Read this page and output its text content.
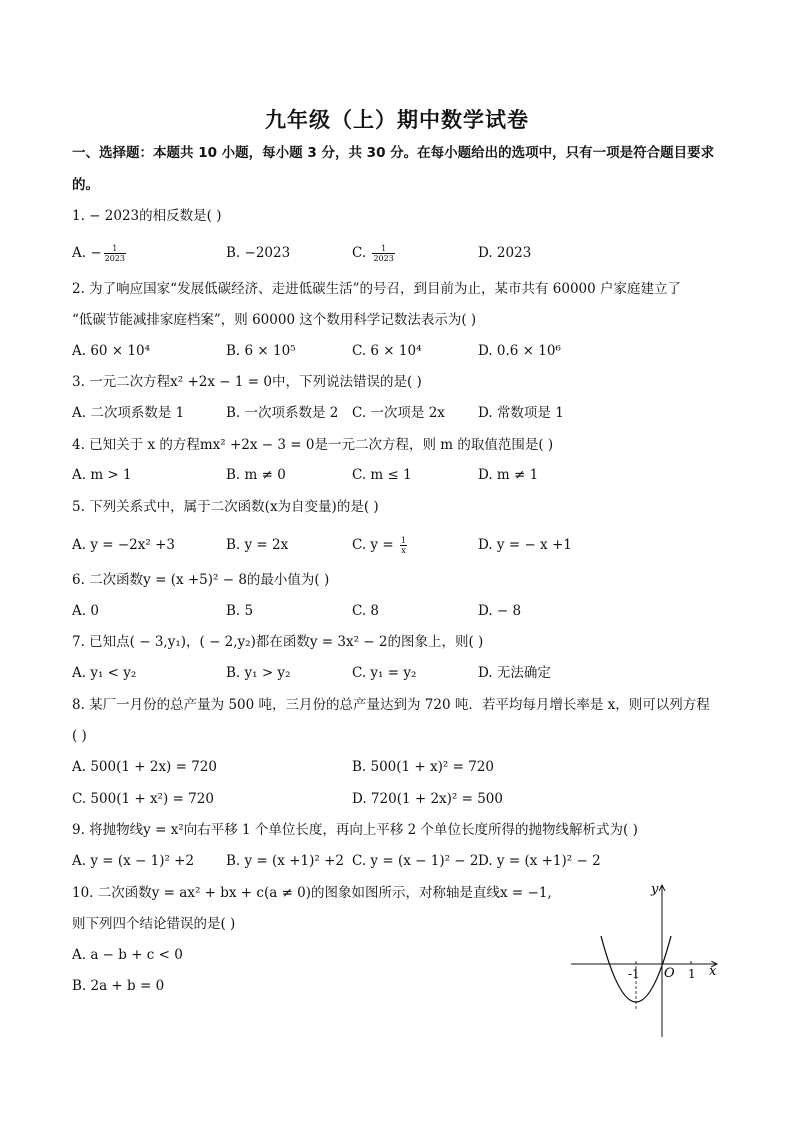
九年级（上）期中数学试卷
一、选择题：本题共 10 小题，每小题 3 分，共 30 分。在每小题给出的选项中，只有一项是符合题目要求
的。
1. − 2023的相反数是( )
A. − $\frac{1}{2023}$	B. −2023	C. $\frac{1}{2023}$	D. 2023
2. 为了响应国家“发展低碳经济、走进低碳生活”的号召，到目前为止，某市共有 60000 户家庭建立了
“低碳节能减排家庭档案”，则 60000 这个数用科学记数法表示为( )
A. 60 × 10⁴	B. 6 × 10⁵	C. 6 × 10⁴	D. 0.6 × 10⁶
3. 一元二次方程x² +2x − 1 = 0中，下列说法错误的是( )
A. 二次项系数是 1	B. 一次项系数是 2 C. 一次项是 2x D. 常数项是 1
4. 已知关于 x 的方程mx² +2x − 3 = 0是一元二次方程，则 m 的取值范围是( )
A. m > 1	B. m ≠ 0	C. m ≤ 1	D. m ≠ 1
5. 下列关系式中，属于二次函数(x为自变量)的是( )
A. y = −2x² +3	B. y = 2x	C. $y = \frac{1}{x}$	D. y = − x +1
6. 二次函数y = (x +5)² − 8的最小值为( )
A. 0	B. 5	C. 8	D. − 8
7. 已知点( − 3,y₁)，( − 2,y₂)都在函数y = 3x² − 2的图象上，则( )
A. y₁ < y₂	B. y₁ > y₂	C. y₁ = y₂	D. 无法确定
8. 某厂一月份的总产量为 500 吨，三月份的总产量达到为 720 吨．若平均每月增长率是 x，则可以列方程
( )
A. 500(1 + 2x) = 720	B. 500(1 + x)² = 720
C. 500(1 + x²) = 720	D. 720(1 + 2x)² = 500
9. 将抛物线y = x²向右平移 1 个单位长度，再向上平移 2 个单位长度所得的抛物线解析式为( )
A. y = (x − 1)² +2 B. y = (x +1)² +2 C. y = (x − 1)² − 2 D. y = (x +1)² − 2
10. 二次函数y = ax² + bx + c(a ≠ 0)的图象如图所示，对称轴是直线x = −1,
则下列四个结论错误的是( )
A. a − b + c < 0
B. 2a + b = 0
y
x
O
-1	1
